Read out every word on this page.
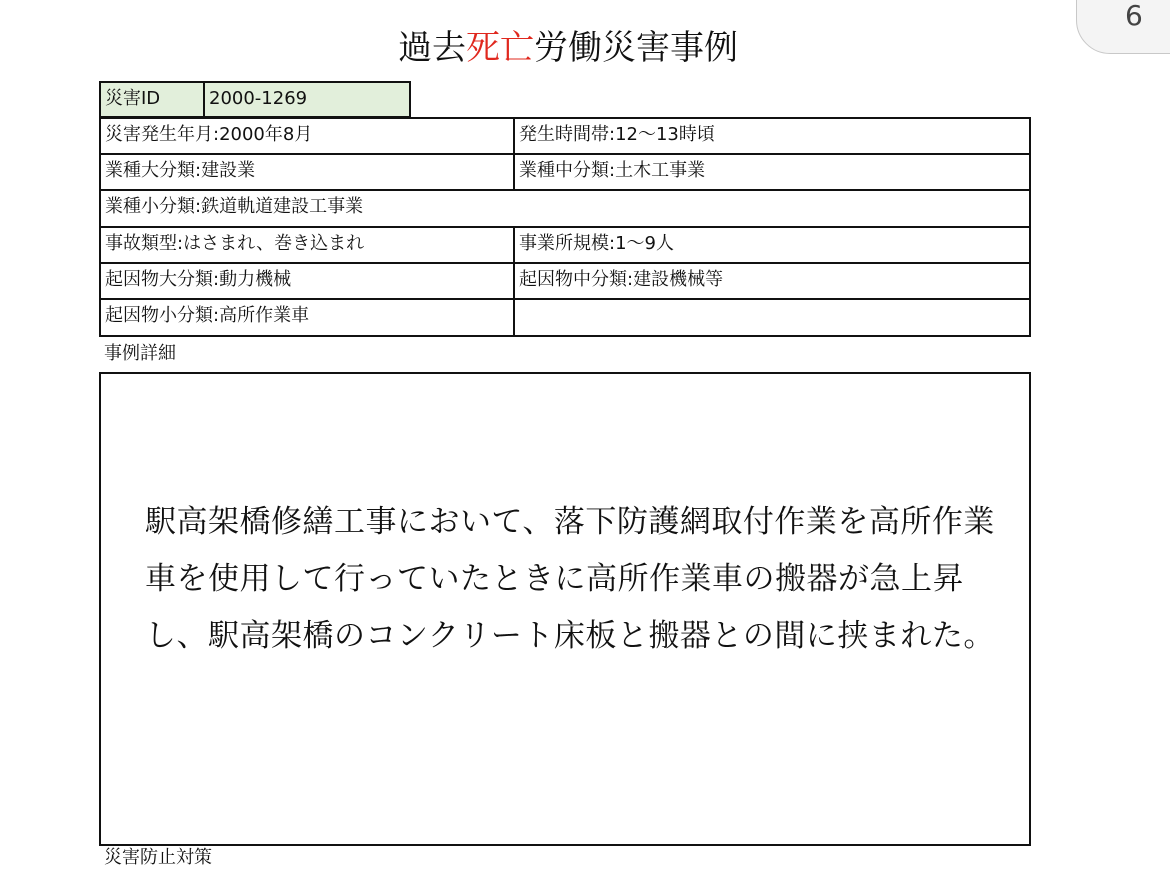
6
過去死亡労働災害事例
災害ID	2000-1269
災害発生年月:2000年8月	発生時間帯:12～13時頃
業種大分類:建設業	業種中分類:土木工事業
業種小分類:鉄道軌道建設工事業
事故類型:はさまれ、巻き込まれ	事業所規模:1～9人
起因物大分類:動力機械	起因物中分類:建設機械等
起因物小分類:高所作業車
事例詳細
駅高架橋修繕工事において、落下防護網取付作業を高所作業車を使用して行っていたときに高所作業車の搬器が急上昇し、駅高架橋のコンクリート床板と搬器との間に挟まれた。
災害防止対策
